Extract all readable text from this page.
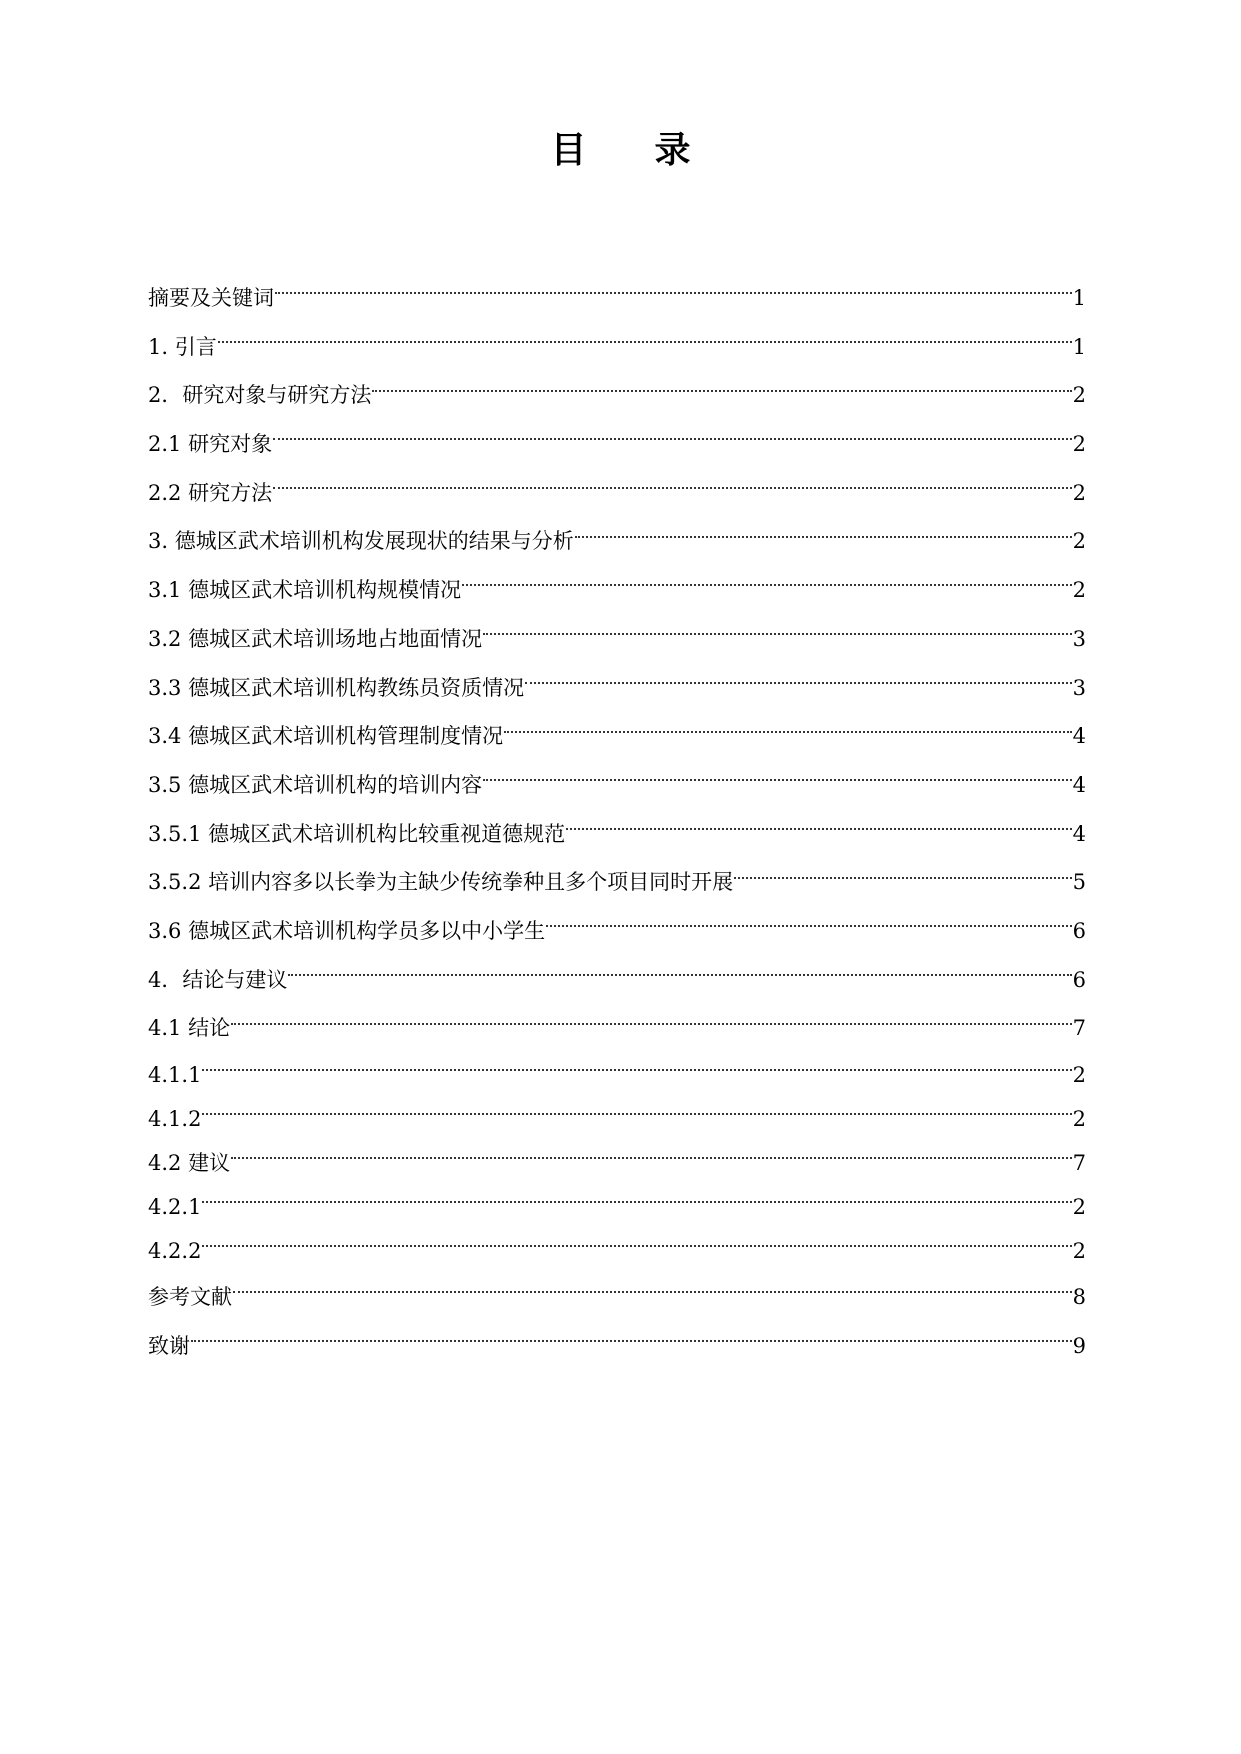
目 录
摘要及关键词	1
1. 引言	1
2．研究对象与研究方法	2
2.1 研究对象	2
2.2 研究方法	2
3. 德城区武术培训机构发展现状的结果与分析	2
3.1 德城区武术培训机构规模情况	2
3.2 德城区武术培训场地占地面情况	3
3.3 德城区武术培训机构教练员资质情况	3
3.4 德城区武术培训机构管理制度情况	4
3.5 德城区武术培训机构的培训内容	4
3.5.1 德城区武术培训机构比较重视道德规范	4
3.5.2 培训内容多以长拳为主缺少传统拳种且多个项目同时开展	5
3.6 德城区武术培训机构学员多以中小学生	6
4．结论与建议	6
4.1 结论	7
4.1.1	2
4.1.2	2
4.2 建议	7
4.2.1	2
4.2.2	2
参考文献	8
致谢	9
